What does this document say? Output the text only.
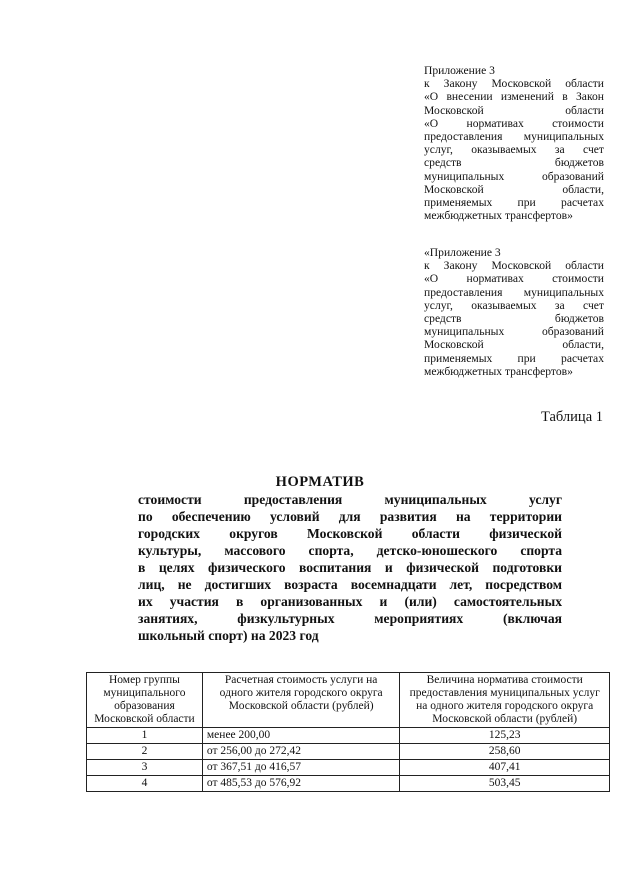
Приложение 3
к Закону Московской области
«О внесении изменений в Закон
Московской области
«О нормативах стоимости
предоставления муниципальных
услуг, оказываемых за счет
средств бюджетов
муниципальных образований
Московской области,
применяемых при расчетах
межбюджетных трансфертов»
«Приложение 3
к Закону Московской области
«О нормативах стоимости
предоставления муниципальных
услуг, оказываемых за счет
средств бюджетов
муниципальных образований
Московской области,
применяемых при расчетах
межбюджетных трансфертов»
Таблица 1
НОРМАТИВ
стоимости предоставления муниципальных услуг
по обеспечению условий для развития на территории
городских округов Московской области физической
культуры, массового спорта, детско-юношеского спорта
в целях физического воспитания и физической подготовки
лиц, не достигших возраста восемнадцати лет, посредством
их участия в организованных и (или) самостоятельных
занятиях, физкультурных мероприятиях (включая
школьный спорт) на 2023 год
Номер группы муниципального образования Московской области	Расчетная стоимость услуги на одного жителя городского округа Московской области (рублей)	Величина норматива стоимости предоставления муниципальных услуг на одного жителя городского округа Московской области (рублей)
1	менее 200,00	125,23
2	от 256,00 до 272,42	258,60
3	от 367,51 до 416,57	407,41
4	от 485,53 до 576,92	503,45
